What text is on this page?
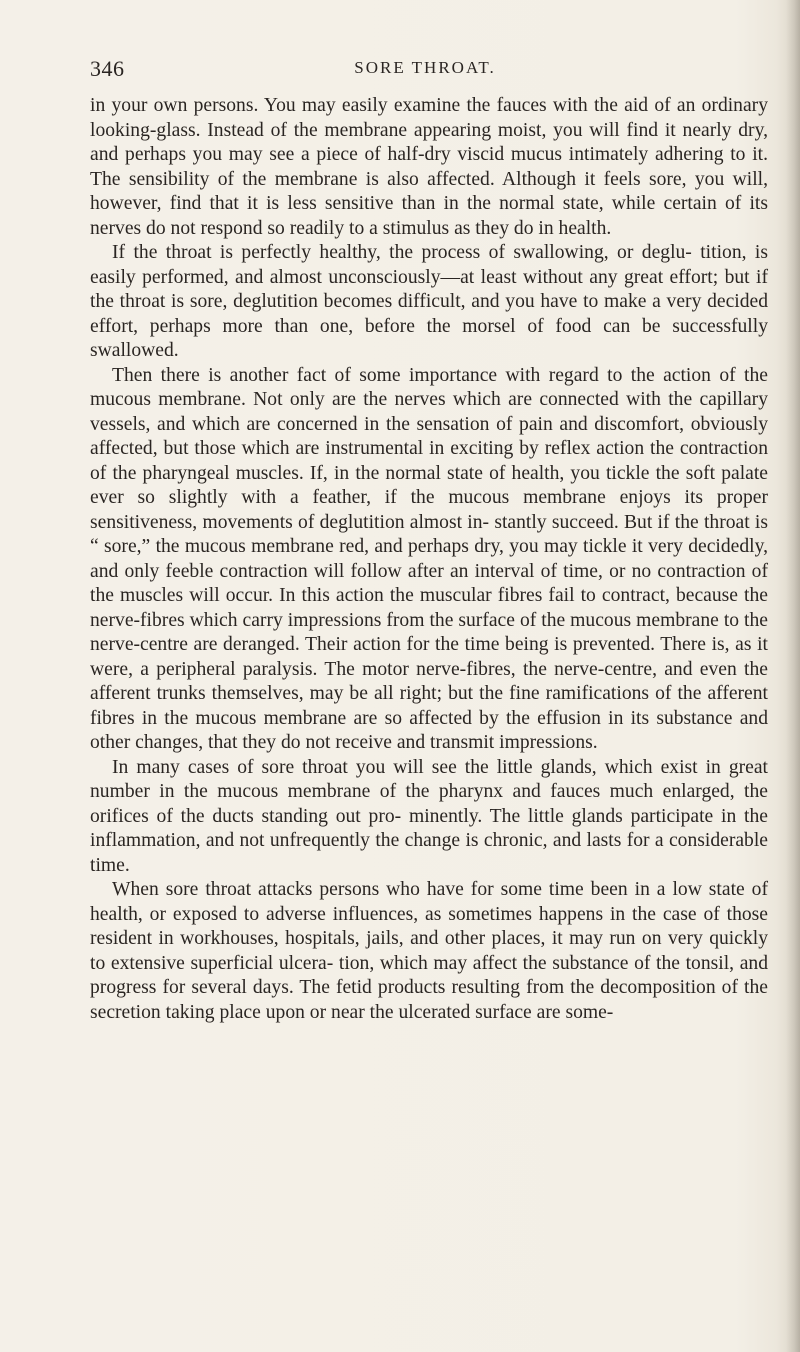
346	SORE THROAT.

in your own persons. You may easily examine the fauces with the aid of an ordinary looking-glass. Instead of the membrane appearing moist, you will find it nearly dry, and perhaps you may see a piece of half-dry viscid mucus intimately adhering to it. The sensibility of the membrane is also affected. Although it feels sore, you will, however, find that it is less sensitive than in the normal state, while certain of its nerves do not respond so readily to a stimulus as they do in health.

If the throat is perfectly healthy, the process of swallowing, or deglu- tition, is easily performed, and almost unconsciously—at least without any great effort; but if the throat is sore, deglutition becomes difficult, and you have to make a very decided effort, perhaps more than one, before the morsel of food can be successfully swallowed.

Then there is another fact of some importance with regard to the action of the mucous membrane. Not only are the nerves which are connected with the capillary vessels, and which are concerned in the sensation of pain and discomfort, obviously affected, but those which are instrumental in exciting by reflex action the contraction of the pharyngeal muscles. If, in the normal state of health, you tickle the soft palate ever so slightly with a feather, if the mucous membrane enjoys its proper sensitiveness, movements of deglutition almost in- stantly succeed. But if the throat is “ sore,” the mucous membrane red, and perhaps dry, you may tickle it very decidedly, and only feeble contraction will follow after an interval of time, or no contraction of the muscles will occur. In this action the muscular fibres fail to contract, because the nerve-fibres which carry impressions from the surface of the mucous membrane to the nerve-centre are deranged. Their action for the time being is prevented. There is, as it were, a peripheral paralysis. The motor nerve-fibres, the nerve-centre, and even the afferent trunks themselves, may be all right; but the fine ramifications of the afferent fibres in the mucous membrane are so affected by the effusion in its substance and other changes, that they do not receive and transmit impressions.

In many cases of sore throat you will see the little glands, which exist in great number in the mucous membrane of the pharynx and fauces much enlarged, the orifices of the ducts standing out pro- minently. The little glands participate in the inflammation, and not unfrequently the change is chronic, and lasts for a considerable time.

When sore throat attacks persons who have for some time been in a low state of health, or exposed to adverse influences, as sometimes happens in the case of those resident in workhouses, hospitals, jails, and other places, it may run on very quickly to extensive superficial ulcera- tion, which may affect the substance of the tonsil, and progress for several days. The fetid products resulting from the decomposition of the secretion taking place upon or near the ulcerated surface are some-
